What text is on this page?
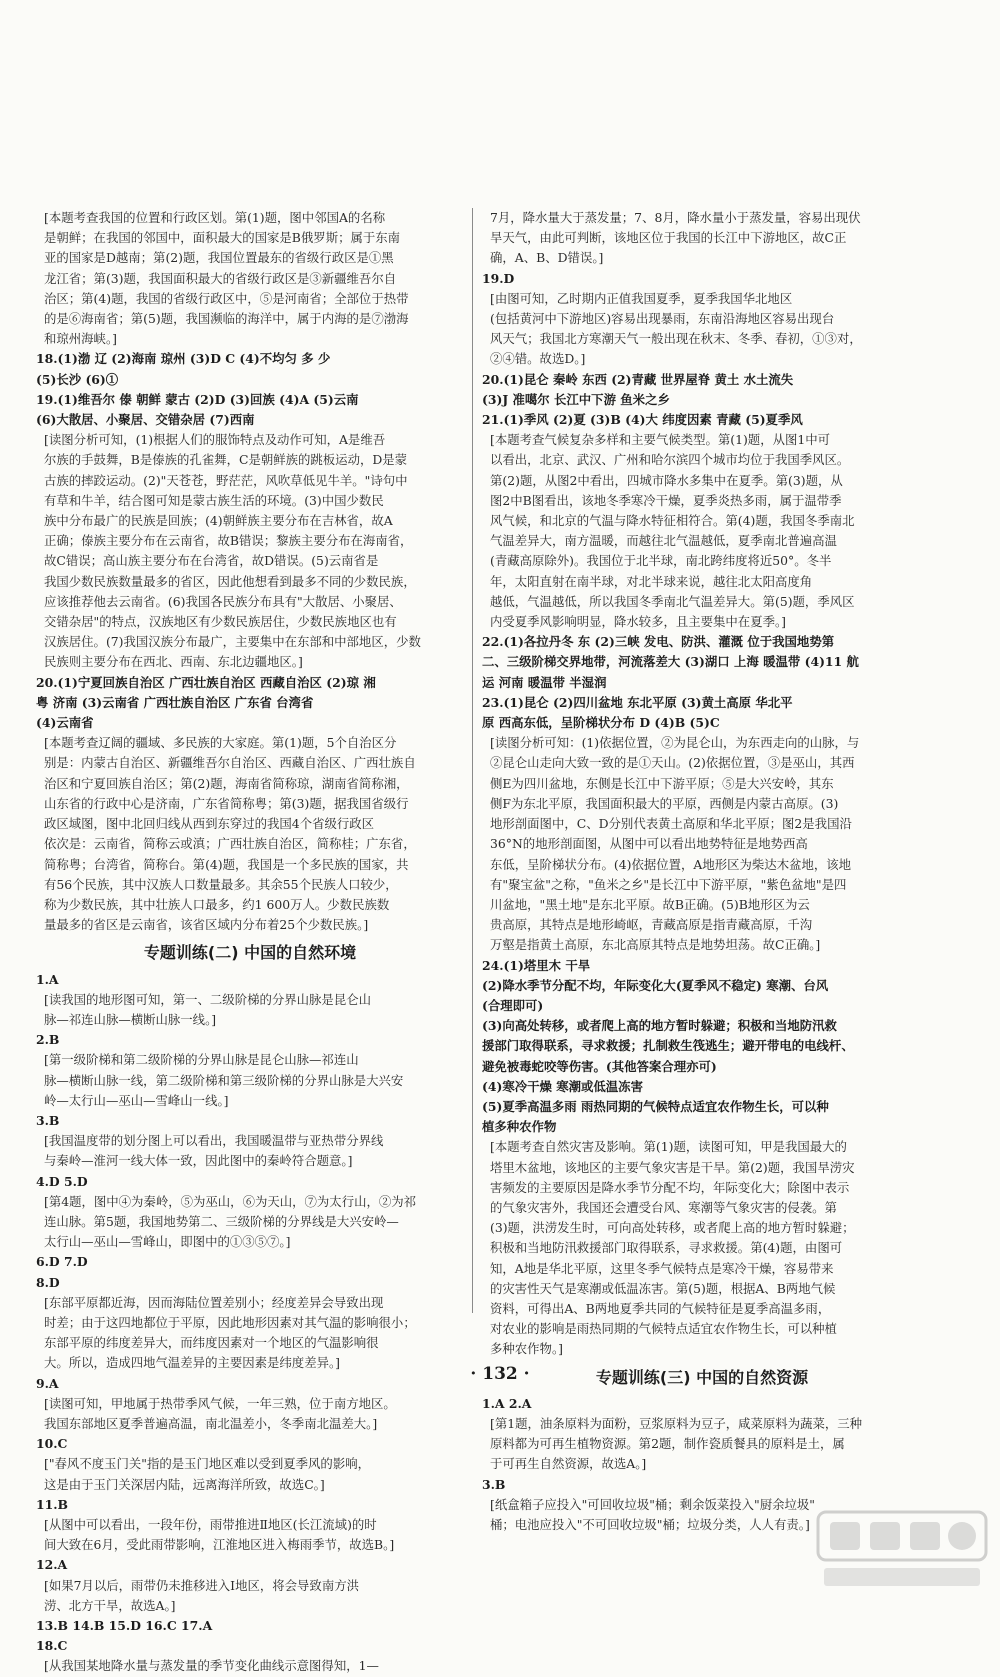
[本题考查我国的位置和行政区划。第(1)题，图中邻国A的名称
是朝鲜；在我国的邻国中，面积最大的国家是B俄罗斯；属于东南
亚的国家是D越南；第(2)题，我国位置最东的省级行政区是①黑
龙江省；第(3)题，我国面积最大的省级行政区是③新疆维吾尔自
治区；第(4)题，我国的省级行政区中，⑤是河南省；全部位于热带
的是⑥海南省；第(5)题，我国濒临的海洋中，属于内海的是⑦渤海
和琼州海峡。]
18.(1)渤 辽 (2)海南 琼州 (3)D C (4)不均匀 多 少
(5)长沙 (6)①
19.(1)维吾尔 傣 朝鲜 蒙古 (2)D (3)回族 (4)A (5)云南
(6)大散居、小聚居、交错杂居 (7)西南
[读图分析可知，(1)根据人们的服饰特点及动作可知，A是维吾
尔族的手鼓舞，B是傣族的孔雀舞，C是朝鲜族的跳板运动，D是蒙
古族的摔跤运动。(2)"天苍苍，野茫茫，风吹草低见牛羊。"诗句中
有草和牛羊，结合图可知是蒙古族生活的环境。(3)中国少数民
族中分布最广的民族是回族；(4)朝鲜族主要分布在吉林省，故A
正确；傣族主要分布在云南省，故B错误；黎族主要分布在海南省，
故C错误；高山族主要分布在台湾省，故D错误。(5)云南省是
我国少数民族数量最多的省区，因此他想看到最多不同的少数民族，
应该推荐他去云南省。(6)我国各民族分布具有"大散居、小聚居、
交错杂居"的特点，汉族地区有少数民族居住，少数民族地区也有
汉族居住。(7)我国汉族分布最广，主要集中在东部和中部地区，少数
民族则主要分布在西北、西南、东北边疆地区。]
20.(1)宁夏回族自治区 广西壮族自治区 西藏自治区 (2)琼 湘
粤 济南 (3)云南省 广西壮族自治区 广东省 台湾省
(4)云南省
[本题考查辽阔的疆域、多民族的大家庭。第(1)题，5个自治区分
别是：内蒙古自治区、新疆维吾尔自治区、西藏自治区、广西壮族自
治区和宁夏回族自治区；第(2)题，海南省简称琼，湖南省简称湘，
山东省的行政中心是济南，广东省简称粤；第(3)题，据我国省级行
政区域图，图中北回归线从西到东穿过的我国4个省级行政区
依次是：云南省，简称云或滇；广西壮族自治区，简称桂；广东省，
简称粤；台湾省，简称台。第(4)题，我国是一个多民族的国家，共
有56个民族，其中汉族人口数量最多。其余55个民族人口较少，
称为少数民族，其中壮族人口最多，约1 600万人。少数民族数
量最多的省区是云南省，该省区域内分布着25个少数民族。]
专题训练(二) 中国的自然环境
1.A
[读我国的地形图可知，第一、二级阶梯的分界山脉是昆仑山
脉—祁连山脉—横断山脉一线。]
2.B
[第一级阶梯和第二级阶梯的分界山脉是昆仑山脉—祁连山
脉—横断山脉一线，第二级阶梯和第三级阶梯的分界山脉是大兴安
岭—太行山—巫山—雪峰山一线。]
3.B
[我国温度带的划分图上可以看出，我国暖温带与亚热带分界线
与秦岭—淮河一线大体一致，因此图中的秦岭符合题意。]
4.D 5.D
[第4题，图中④为秦岭，⑤为巫山，⑥为天山，⑦为太行山，②为祁
连山脉。第5题，我国地势第二、三级阶梯的分界线是大兴安岭—
太行山—巫山—雪峰山，即图中的①③⑤⑦。]
6.D 7.D
8.D
[东部平原都近海，因而海陆位置差别小；经度差异会导致出现
时差；由于这四地都位于平原，因此地形因素对其气温的影响很小；
东部平原的纬度差异大，而纬度因素对一个地区的气温影响很
大。所以，造成四地气温差异的主要因素是纬度差异。]
9.A
[读图可知，甲地属于热带季风气候，一年三熟，位于南方地区。
我国东部地区夏季普遍高温，南北温差小，冬季南北温差大。]
10.C
["春风不度玉门关"指的是玉门地区难以受到夏季风的影响，
这是由于玉门关深居内陆，远离海洋所致，故选C。]
11.B
[从图中可以看出，一段年份，雨带推进Ⅱ地区(长江流域)的时
间大致在6月，受此雨带影响，江淮地区进入梅雨季节，故选B。]
12.A
[如果7月以后，雨带仍未推移进入Ⅰ地区，将会导致南方洪
涝、北方干旱，故选A。]
13.B 14.B 15.D 16.C 17.A
18.C
[从我国某地降水量与蒸发量的季节变化曲线示意图得知，1—
7月，降水量大于蒸发量；7、8月，降水量小于蒸发量，容易出现伏
旱天气，由此可判断，该地区位于我国的长江中下游地区，故C正
确，A、B、D错误。]
19.D
[由图可知，乙时期内正值我国夏季，夏季我国华北地区
(包括黄河中下游地区)容易出现暴雨，东南沿海地区容易出现台
风天气；我国北方寒潮天气一般出现在秋末、冬季、春初，①③对，
②④错。故选D。]
20.(1)昆仑 秦岭 东西 (2)青藏 世界屋脊 黄土 水土流失
(3)J 准噶尔 长江中下游 鱼米之乡
21.(1)季风 (2)夏 (3)B (4)大 纬度因素 青藏 (5)夏季风
[本题考查气候复杂多样和主要气候类型。第(1)题，从图1中可
以看出，北京、武汉、广州和哈尔滨四个城市均位于我国季风区。
第(2)题，从图2中看出，四城市降水多集中在夏季。第(3)题，从
图2中B图看出，该地冬季寒冷干燥，夏季炎热多雨，属于温带季
风气候，和北京的气温与降水特征相符合。第(4)题，我国冬季南北
气温差异大，南方温暖，而越往北气温越低，夏季南北普遍高温
(青藏高原除外)。我国位于北半球，南北跨纬度将近50°。冬半
年，太阳直射在南半球，对北半球来说，越往北太阳高度角
越低，气温越低，所以我国冬季南北气温差异大。第(5)题，季风区
内受夏季风影响明显，降水较多，且主要集中在夏季。]
22.(1)各拉丹冬 东 (2)三峡 发电、防洪、灌溉 位于我国地势第
二、三级阶梯交界地带，河流落差大 (3)湖口 上海 暖温带 (4)11 航
运 河南 暖温带 半湿润
23.(1)昆仑 (2)四川盆地 东北平原 (3)黄土高原 华北平
原 西高东低，呈阶梯状分布 D (4)B (5)C
[读图分析可知：(1)依据位置，②为昆仑山，为东西走向的山脉，与
②昆仑山走向大致一致的是①天山。(2)依据位置，③是巫山，其西
侧E为四川盆地，东侧是长江中下游平原；⑤是大兴安岭，其东
侧F为东北平原，我国面积最大的平原，西侧是内蒙古高原。(3)
地形剖面图中，C、D分别代表黄土高原和华北平原；图2是我国沿
36°N的地形剖面图，从图中可以看出地势特征是地势西高
东低，呈阶梯状分布。(4)依据位置，A地形区为柴达木盆地，该地
有"聚宝盆"之称，"鱼米之乡"是长江中下游平原，"紫色盆地"是四
川盆地，"黑土地"是东北平原。故B正确。(5)B地形区为云
贵高原，其特点是地形崎岖，青藏高原是指青藏高原，千沟
万壑是指黄土高原，东北高原其特点是地势坦荡。故C正确。]
24.(1)塔里木 干旱
(2)降水季节分配不均，年际变化大(夏季风不稳定) 寒潮、台风
(合理即可)
(3)向高处转移，或者爬上高的地方暂时躲避；积极和当地防汛救
援部门取得联系，寻求救援；扎制救生筏逃生；避开带电的电线杆、
避免被毒蛇咬等伤害。(其他答案合理亦可)
(4)寒冷干燥 寒潮或低温冻害
(5)夏季高温多雨 雨热同期的气候特点适宜农作物生长，可以种
植多种农作物
[本题考查自然灾害及影响。第(1)题，读图可知，甲是我国最大的
塔里木盆地，该地区的主要气象灾害是干旱。第(2)题，我国旱涝灾
害频发的主要原因是降水季节分配不均，年际变化大；除图中表示
的气象灾害外，我国还会遭受台风、寒潮等气象灾害的侵袭。第
(3)题，洪涝发生时，可向高处转移，或者爬上高的地方暂时躲避；
积极和当地防汛救援部门取得联系，寻求救援。第(4)题，由图可
知，A地是华北平原，这里冬季气候特点是寒冷干燥，容易带来
的灾害性天气是寒潮或低温冻害。第(5)题，根据A、B两地气候
资料，可得出A、B两地夏季共同的气候特征是夏季高温多雨，
对农业的影响是雨热同期的气候特点适宜农作物生长，可以种植
多种农作物。]
专题训练(三) 中国的自然资源
1.A 2.A
[第1题，油条原料为面粉，豆浆原料为豆子，咸菜原料为蔬菜，三种
原料都为可再生植物资源。第2题，制作瓷质餐具的原料是土，属
于可再生自然资源，故选A。]
3.B
[纸盒箱子应投入"可回收垃圾"桶；剩余饭菜投入"厨余垃圾"
桶；电池应投入"不可回收垃圾"桶；垃圾分类，人人有责。]
· 132 ·
